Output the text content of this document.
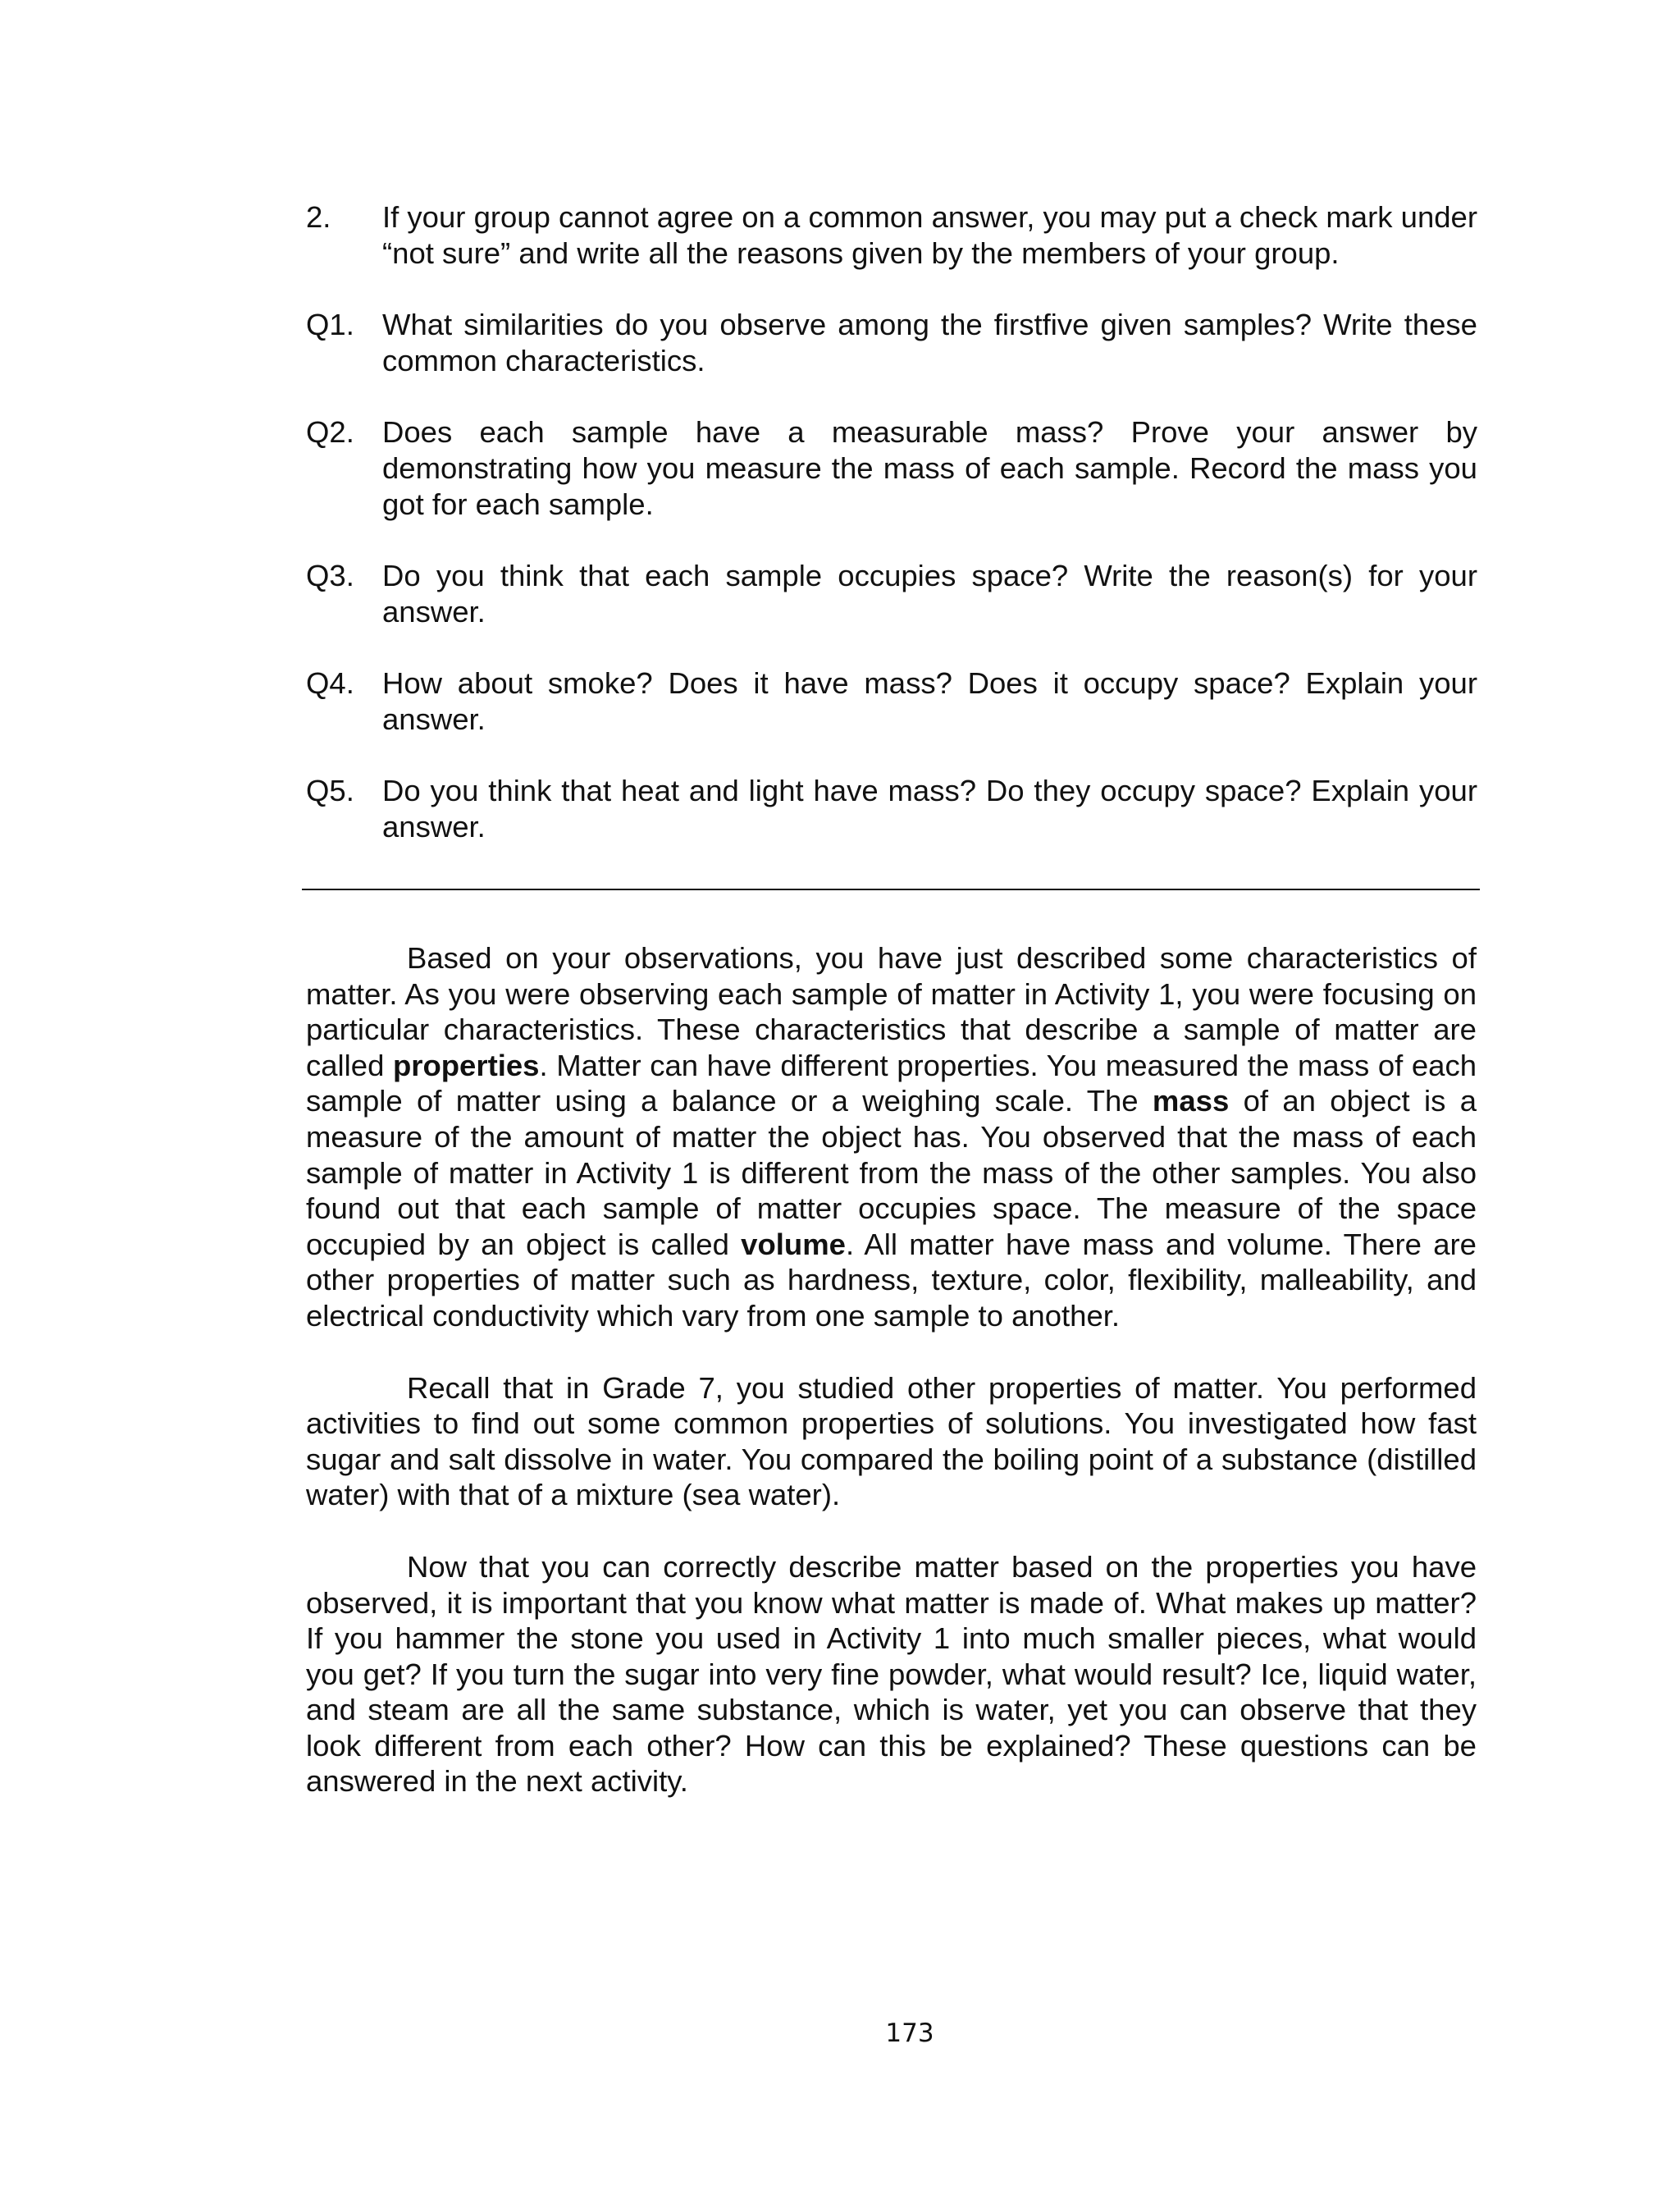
2.	If your group cannot agree on a common answer, you may put a check mark under “not sure” and write all the reasons given by the members of your group.
Q1. What similarities do you observe among the firstfive given samples? Write these common characteristics.
Q2. Does each sample have a measurable mass? Prove your answer by demonstrating how you measure the mass of each sample. Record the mass you got for each sample.
Q3. Do you think that each sample occupies space? Write the reason(s) for your answer.
Q4. How about smoke? Does it have mass? Does it occupy space? Explain your answer.
Q5. Do you think that heat and light have mass? Do they occupy space? Explain your answer.

Based on your observations, you have just described some characteristics of matter. As you were observing each sample of matter in Activity 1, you were focusing on particular characteristics. These characteristics that describe a sample of matter are called properties. Matter can have different properties. You measured the mass of each sample of matter using a balance or a weighing scale. The mass of an object is a measure of the amount of matter the object has. You observed that the mass of each sample of matter in Activity 1 is different from the mass of the other samples. You also found out that each sample of matter occupies space. The measure of the space occupied by an object is called volume. All matter have mass and volume. There are other properties of matter such as hardness, texture, color, flexibility, malleability, and electrical conductivity which vary from one sample to another.

Recall that in Grade 7, you studied other properties of matter. You performed activities to find out some common properties of solutions. You investigated how fast sugar and salt dissolve in water. You compared the boiling point of a substance (distilled water) with that of a mixture (sea water).

Now that you can correctly describe matter based on the properties you have observed, it is important that you know what matter is made of. What makes up matter? If you hammer the stone you used in Activity 1 into much smaller pieces, what would you get? If you turn the sugar into very fine powder, what would result? Ice, liquid water, and steam are all the same substance, which is water, yet you can observe that they look different from each other? How can this be explained? These questions can be answered in the next activity.

173
